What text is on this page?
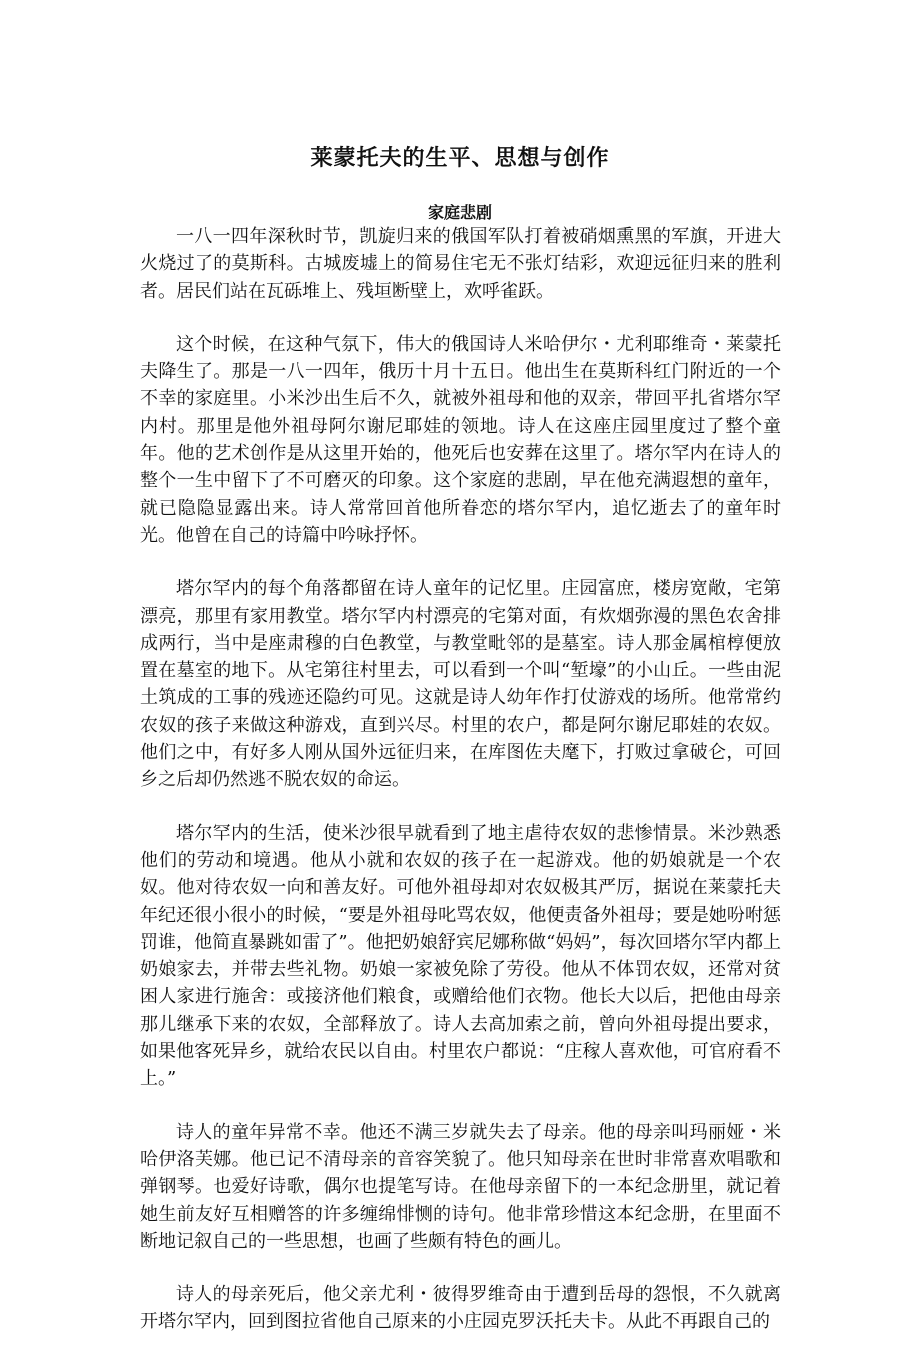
莱蒙托夫的生平、思想与创作
家庭悲剧

一八一四年深秋时节，凯旋归来的俄国军队打着被硝烟熏黑的军旗，开进大火烧过了的莫斯科。古城废墟上的简易住宅无不张灯结彩，欢迎远征归来的胜利者。居民们站在瓦砾堆上、残垣断壁上，欢呼雀跃。

这个时候，在这种气氛下，伟大的俄国诗人米哈伊尔・尤利耶维奇・莱蒙托夫降生了。那是一八一四年，俄历十月十五日。他出生在莫斯科红门附近的一个不幸的家庭里。小米沙出生后不久，就被外祖母和他的双亲，带回平扎省塔尔罕内村。那里是他外祖母阿尔谢尼耶娃的领地。诗人在这座庄园里度过了整个童年。他的艺术创作是从这里开始的，他死后也安葬在这里了。塔尔罕内在诗人的整个一生中留下了不可磨灭的印象。这个家庭的悲剧，早在他充满遐想的童年，就已隐隐显露出来。诗人常常回首他所眷恋的塔尔罕内，追忆逝去了的童年时光。他曾在自己的诗篇中吟咏抒怀。

塔尔罕内的每个角落都留在诗人童年的记忆里。庄园富庶，楼房宽敞，宅第漂亮，那里有家用教堂。塔尔罕内村漂亮的宅第对面，有炊烟弥漫的黑色农舍排成两行，当中是座肃穆的白色教堂，与教堂毗邻的是墓室。诗人那金属棺椁便放置在墓室的地下。从宅第往村里去，可以看到一个叫“堑壕”的小山丘。一些由泥土筑成的工事的残迹还隐约可见。这就是诗人幼年作打仗游戏的场所。他常常约农奴的孩子来做这种游戏，直到兴尽。村里的农户，都是阿尔谢尼耶娃的农奴。他们之中，有好多人刚从国外远征归来，在库图佐夫麾下，打败过拿破仑，可回乡之后却仍然逃不脱农奴的命运。

塔尔罕内的生活，使米沙很早就看到了地主虐待农奴的悲惨情景。米沙熟悉他们的劳动和境遇。他从小就和农奴的孩子在一起游戏。他的奶娘就是一个农奴。他对待农奴一向和善友好。可他外祖母却对农奴极其严厉，据说在莱蒙托夫年纪还很小很小的时候，“要是外祖母叱骂农奴，他便责备外祖母；要是她吩咐惩罚谁，他简直暴跳如雷了”。他把奶娘舒宾尼娜称做“妈妈”，每次回塔尔罕内都上奶娘家去，并带去些礼物。奶娘一家被免除了劳役。他从不体罚农奴，还常对贫困人家进行施舍：或接济他们粮食，或赠给他们衣物。他长大以后，把他由母亲那儿继承下来的农奴，全部释放了。诗人去高加索之前，曾向外祖母提出要求，如果他客死异乡，就给农民以自由。村里农户都说：“庄稼人喜欢他，可官府看不上。”

诗人的童年异常不幸。他还不满三岁就失去了母亲。他的母亲叫玛丽娅・米哈伊洛芙娜。他已记不清母亲的音容笑貌了。他只知母亲在世时非常喜欢唱歌和弹钢琴。也爱好诗歌，偶尔也提笔写诗。在他母亲留下的一本纪念册里，就记着她生前友好互相赠答的许多缠绵悱恻的诗句。他非常珍惜这本纪念册，在里面不断地记叙自己的一些思想，也画了些颇有特色的画儿。

诗人的母亲死后，他父亲尤利・彼得罗维奇由于遭到岳母的怨恨，不久就离开塔尔罕内，回到图拉省他自己原来的小庄园克罗沃托夫卡。从此不再跟自己的
